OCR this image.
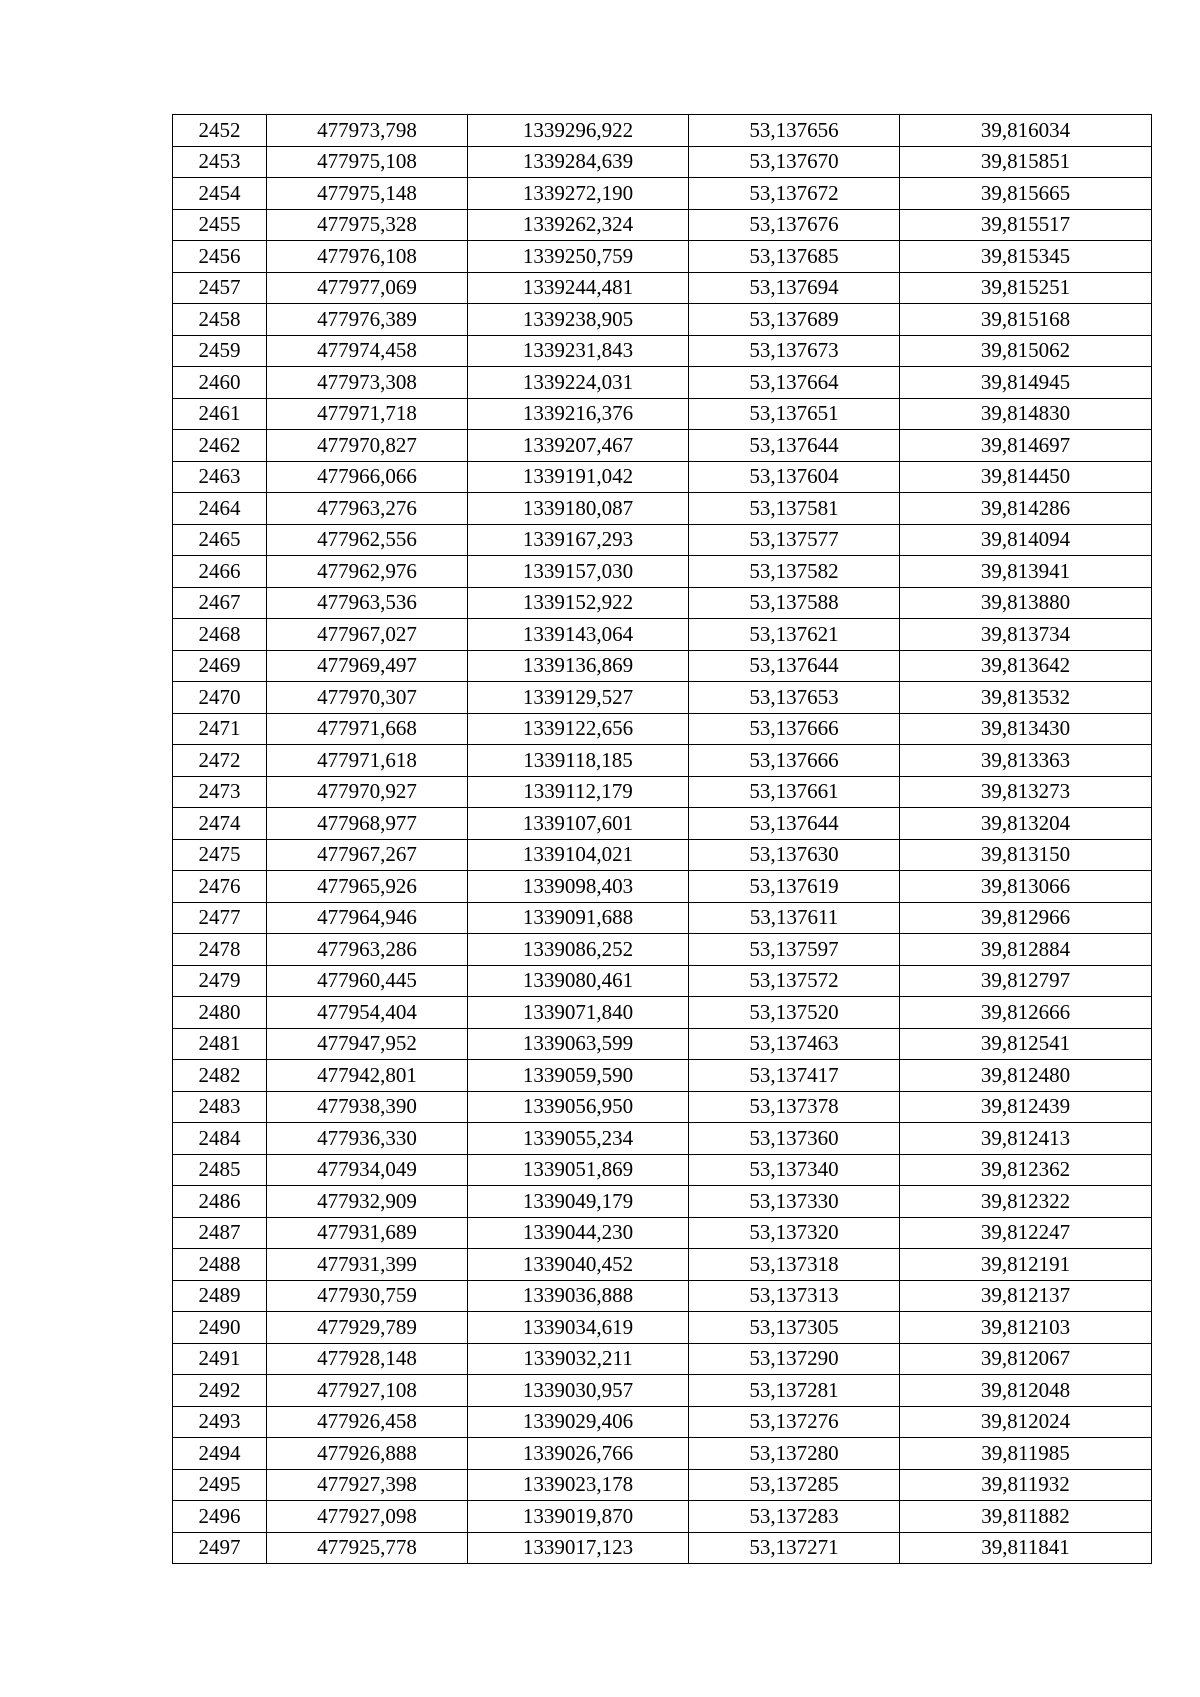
2452	477973,798	1339296,922	53,137656	39,816034
2453	477975,108	1339284,639	53,137670	39,815851
2454	477975,148	1339272,190	53,137672	39,815665
2455	477975,328	1339262,324	53,137676	39,815517
2456	477976,108	1339250,759	53,137685	39,815345
2457	477977,069	1339244,481	53,137694	39,815251
2458	477976,389	1339238,905	53,137689	39,815168
2459	477974,458	1339231,843	53,137673	39,815062
2460	477973,308	1339224,031	53,137664	39,814945
2461	477971,718	1339216,376	53,137651	39,814830
2462	477970,827	1339207,467	53,137644	39,814697
2463	477966,066	1339191,042	53,137604	39,814450
2464	477963,276	1339180,087	53,137581	39,814286
2465	477962,556	1339167,293	53,137577	39,814094
2466	477962,976	1339157,030	53,137582	39,813941
2467	477963,536	1339152,922	53,137588	39,813880
2468	477967,027	1339143,064	53,137621	39,813734
2469	477969,497	1339136,869	53,137644	39,813642
2470	477970,307	1339129,527	53,137653	39,813532
2471	477971,668	1339122,656	53,137666	39,813430
2472	477971,618	1339118,185	53,137666	39,813363
2473	477970,927	1339112,179	53,137661	39,813273
2474	477968,977	1339107,601	53,137644	39,813204
2475	477967,267	1339104,021	53,137630	39,813150
2476	477965,926	1339098,403	53,137619	39,813066
2477	477964,946	1339091,688	53,137611	39,812966
2478	477963,286	1339086,252	53,137597	39,812884
2479	477960,445	1339080,461	53,137572	39,812797
2480	477954,404	1339071,840	53,137520	39,812666
2481	477947,952	1339063,599	53,137463	39,812541
2482	477942,801	1339059,590	53,137417	39,812480
2483	477938,390	1339056,950	53,137378	39,812439
2484	477936,330	1339055,234	53,137360	39,812413
2485	477934,049	1339051,869	53,137340	39,812362
2486	477932,909	1339049,179	53,137330	39,812322
2487	477931,689	1339044,230	53,137320	39,812247
2488	477931,399	1339040,452	53,137318	39,812191
2489	477930,759	1339036,888	53,137313	39,812137
2490	477929,789	1339034,619	53,137305	39,812103
2491	477928,148	1339032,211	53,137290	39,812067
2492	477927,108	1339030,957	53,137281	39,812048
2493	477926,458	1339029,406	53,137276	39,812024
2494	477926,888	1339026,766	53,137280	39,811985
2495	477927,398	1339023,178	53,137285	39,811932
2496	477927,098	1339019,870	53,137283	39,811882
2497	477925,778	1339017,123	53,137271	39,811841
